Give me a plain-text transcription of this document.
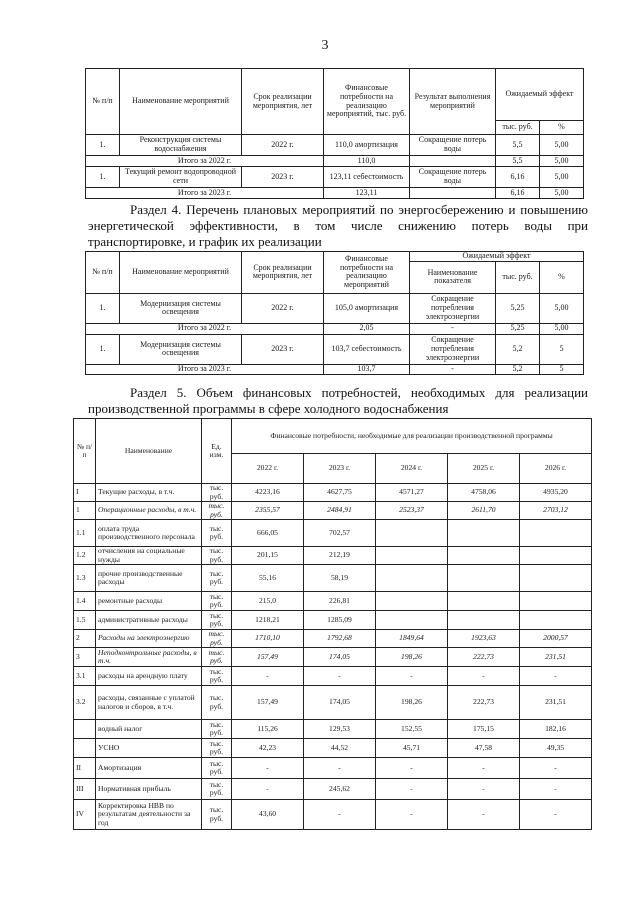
3
№ п/п	Наименование мероприятий	Срок реализации мероприятия, лет	Финансовые потребности на реализацию мероприятий, тыс. руб.	Результат выполнения мероприятий	Ожидаемый эффект	
					тыс. руб.	%
1.	Реконструкция системы водоснабжения	2022 г.	110,0 амортизация	Сокращение потерь воды	5,5	5,00
Итого за 2022 г.			110,0		5,5	5,00
1.	Текущий ремонт водопроводной сети	2023 г.	123,11 себестоимость	Сокращение потерь воды	6,16	5,00
Итого за 2023 г.			123,11		6,16	5,00
Раздел 4. Перечень плановых мероприятий по энергосбережению и повышению энергетической эффективности, в том числе снижению потерь воды при транспортировке, и график их реализации
№ п/п	Наименование мероприятий	Срок реализации мероприятия, лет	Финансовые потребности на реализацию мероприятий	Ожидаемый эффект		
				Наименование показателя	тыс. руб.	%
1.	Модернизация системы освещения	2022 г.	105,0 амортизация	Сокращение потребления электроэнергии	5,25	5,00
Итого за 2022 г.			2,05	-	5,25	5,00
1.	Модернизация системы освещения	2023 г.	103,7 себестоимость	Сокращение потребления электроэнергии	5,2	5
Итого за 2023 г.			103,7	-	5,2	5
Раздел 5. Объем финансовых потребностей, необходимых для реализации производственной программы в сфере холодного водоснабжения
№ п/п	Наименование	Ед. изм.	Финансовые потребности, необходимые для реализации производственной программы				
			2022 г.	2023 г.	2024 г.	2025 г.	2026 г.
I	Текущие расходы, в т.ч.	тыс. руб.	4223,16	4627,75	4571,27	4758,06	4935,20
1	Операционные расходы, в т.ч.	тыс. руб.	2355,57	2484,91	2523,37	2611,70	2703,12
1.1	оплата труда производственного персонала	тыс. руб.	666,05	702,57			
1.2	отчисления на социальные нужды	тыс. руб.	201,15	212,19			
1.3	прочие производственные расходы	тыс. руб.	55,16	58,19			
1.4	ремонтные расходы	тыс. руб.	215,0	226,81			
1.5	административные расходы	тыс. руб.	1218,21	1285,09			
2	Расходы на электроэнергию	тыс. руб.	1710,10	1792,68	1849,64	1923,63	2000,57
3	Неподконтрольные расходы, в т.ч.	тыс. руб.	157,49	174,05	198,26	222,73	231,51
3.1	расходы на арендную плату	тыс. руб.	-	-	-	-	-
3.2	расходы, связанные с уплатой налогов и сборов, в т.ч.	тыс. руб.	157,49	174,05	198,26	222,73	231,51
	водный налог	тыс. руб.	115,26	129,53	152,55	175,15	182,16
	УСНО	тыс. руб.	42,23	44,52	45,71	47,58	49,35
II	Амортизация	тыс. руб.	-	-	-	-	-
III	Нормативная прибыль	тыс. руб.	-	245,62	-	-	-
IV	Корректировка НВВ по результатам деятельности за год	тыс. руб.	43,60	-	-	-	-
